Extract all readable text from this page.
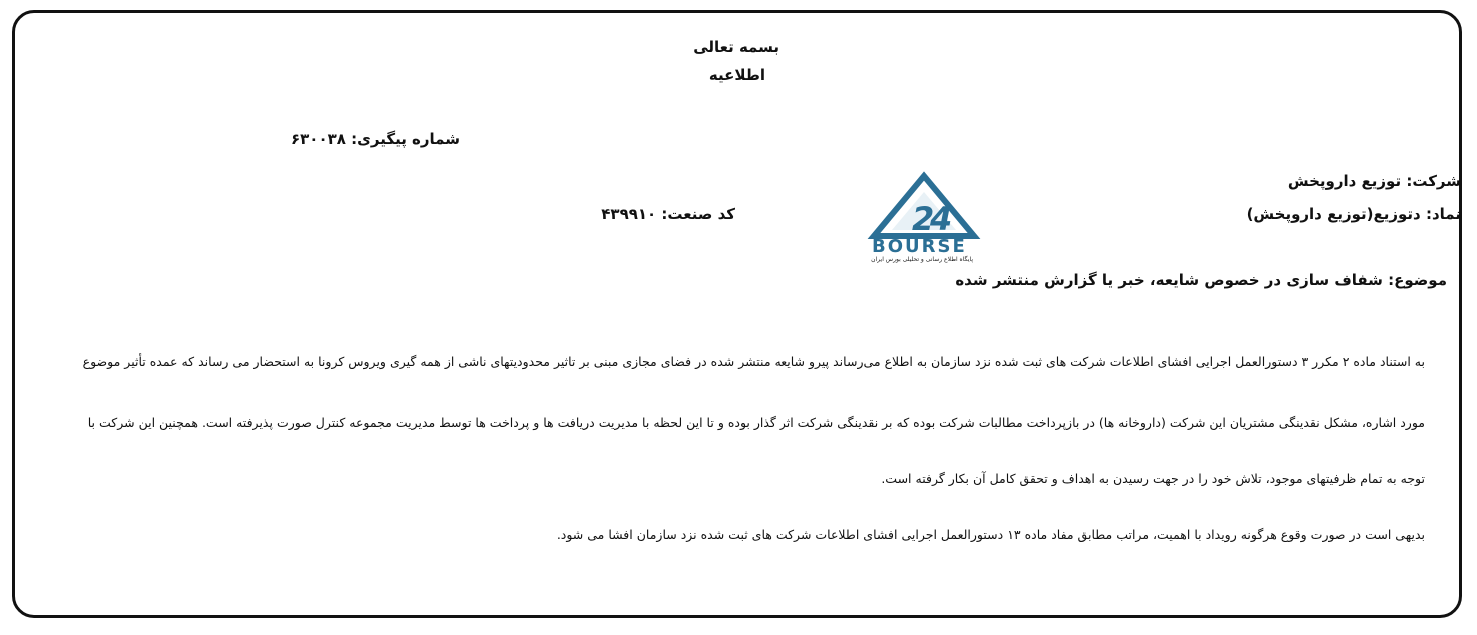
بسمه تعالی
اطلاعیه
شماره پیگیری: ۶۳۰۰۳۸
شرکت: توزیع داروپخش
نماد: دتوزیع(توزیع داروپخش)
کد صنعت: ۴۳۹۹۱۰	2
4
BOURSE
پایگاه اطلاع رسانی و تحلیلی بورس ایران
موضوع: شفاف سازی در خصوص شایعه، خبر یا گزارش منتشر شده
به استناد ماده ۲ مکرر ۳ دستورالعمل اجرایی افشای اطلاعات شرکت های ثبت شده نزد سازمان به اطلاع می‌رساند پیرو شایعه منتشر شده در فضای مجازی مبنی بر تاثیر محدودیتهای ناشی از همه گیری ویروس کرونا به استحضار می رساند که عمده تأثیر موضوع
مورد اشاره، مشکل نقدینگی مشتریان این شرکت (داروخانه ها) در بازپرداخت مطالبات شرکت بوده که بر نقدینگی شرکت اثر گذار بوده و تا این لحظه با مدیریت دریافت ها و پرداخت ها توسط مدیریت مجموعه کنترل صورت پذیرفته است. همچنین این شرکت با
توجه به تمام ظرفیتهای موجود، تلاش خود را در جهت رسیدن به اهداف و تحقق کامل آن بکار گرفته است.
بدیهی است در صورت وقوع هرگونه رویداد با اهمیت، مراتب مطابق مفاد ماده ۱۳ دستورالعمل اجرایی افشای اطلاعات شرکت های ثبت شده نزد سازمان افشا می شود.
